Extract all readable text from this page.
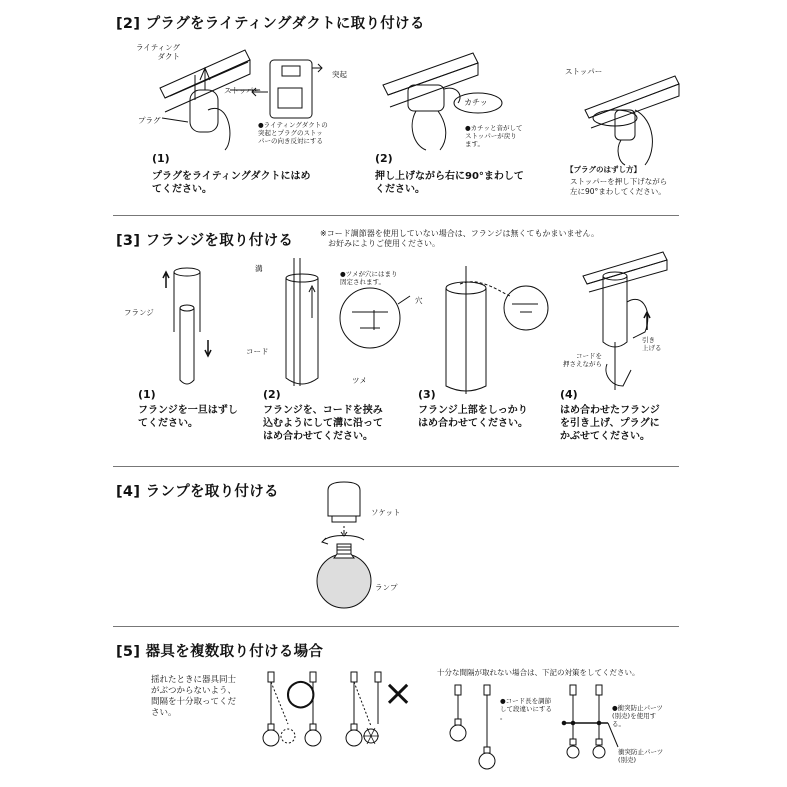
[2] プラグをライティングダクトに取り付ける
ライティング
ダクト
プラグ
ストッパー
突起
●ライティングダクトの
突起とプラグのストッ
パーの向き反対にする
カチッ
●カチッと音がして
ストッパーが戻り
ます。
ストッパー
(1)
プラグをライティングダクトにはめ
てください。
(2)
押し上げながら右に90°まわして
ください。
【プラグのはずし方】
ストッパーを押し下げながら
左に90°まわしてください。
[3] フランジを取り付ける	※コード調節器を使用していない場合は、フランジは無くてもかまいません。
　お好みによりご使用ください。
フランジ
溝
●ツメが穴にはまり
固定されます。
穴
コード
ツメ
コードを
押さえながら
引き
上げる
(1)
フランジを一旦はずし
てください。
(2)
フランジを、コードを挟み
込むようにして溝に沿って
はめ合わせてください。
(3)
フランジ上部をしっかり
はめ合わせてください。
(4)
はめ合わせたフランジ
を引き上げ、プラグに
かぶせてください。
[4] ランプを取り付ける
ソケット
ランプ
[5] 器具を複数取り付ける場合
揺れたときに器具同士
がぶつからないよう、
間隔を十分取ってくだ
さい。
十分な間隔が取れない場合は、下記の対策をしてください。
●コード長を調節
して段違いにする
。
●衝突防止パーツ
(別売)を使用す
る。
衝突防止パーツ
(別売)
○ ×
